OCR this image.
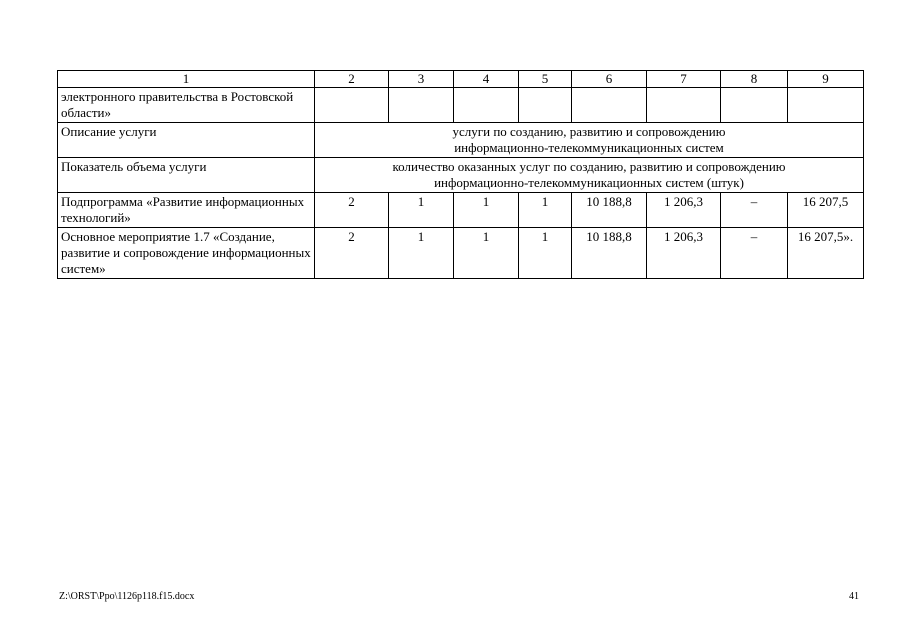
1	2	3	4	5	6	7	8	9
электронного правительства в Ростовской области»								
Описание услуги	услуги по созданию, развитию и сопровождению информационно-телекоммуникационных систем							
Показатель объема услуги	количество оказанных услуг по созданию, развитию и сопровождению информационно-телекоммуникационных систем (штук)							
Подпрограмма «Развитие информационных технологий»	2	1	1	1	10 188,8	1 206,3	–	16 207,5
Основное мероприятие 1.7 «Создание, развитие и сопровождение информационных систем»	2	1	1	1	10 188,8	1 206,3	–	16 207,5».
Z:\ORST\Ppo\1126p118.f15.docx	41
